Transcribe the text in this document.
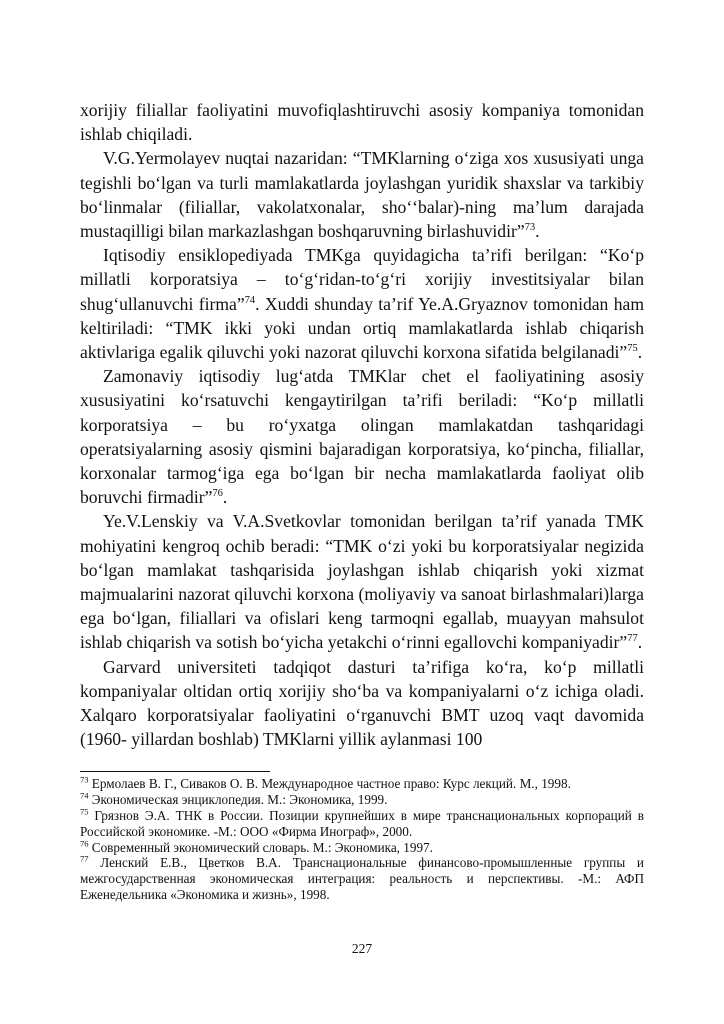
xorijiy filiallar faoliyatini muvofiqlashtiruvchi asosiy kompaniya tomonidan ishlab chiqiladi.

V.G.Yermolayev nuqtai nazaridan: “TMKlarning oʻziga xos xususiyati unga tegishli boʻlgan va turli mamlakatlarda joylashgan yuridik shaxslar va tarkibiy boʻlinmalar (filiallar, vakolatxonalar, shoʻʻbalar)-ning maʼlum darajada mustaqilligi bilan markazlashgan boshqaruvning birlashuvidir”$^{73}$.

Iqtisodiy ensiklopediyada TMKga quyidagicha taʼrifi berilgan: “Koʻp millatli korporatsiya – toʻgʻridan-toʻgʻri xorijiy investitsiyalar bilan shugʻullanuvchi firma”$^{74}$. Xuddi shunday taʼrif Ye.A.Gryaznov tomonidan ham keltiriladi: “TMK ikki yoki undan ortiq mamlakatlarda ishlab chiqarish aktivlariga egalik qiluvchi yoki nazorat qiluvchi korxona sifatida belgilanadi”$^{75}$.

Zamonaviy iqtisodiy lugʻatda TMKlar chet el faoliyatining asosiy xususiyatini koʻrsatuvchi kengaytirilgan taʼrifi beriladi: “Koʻp millatli korporatsiya – bu roʻyxatga olingan mamlakatdan tashqaridagi operatsiyalarning asosiy qismini bajaradigan korporatsiya, koʻpincha, filiallar, korxonalar tarmogʻiga ega boʻlgan bir necha mamlakatlarda faoliyat olib boruvchi firmadir”$^{76}$.

Ye.V.Lenskiy va V.A.Svetkovlar tomonidan berilgan taʼrif yanada TMK mohiyatini kengroq ochib beradi: “TMK oʻzi yoki bu korporatsiyalar negizida boʻlgan mamlakat tashqarisida joylashgan ishlab chiqarish yoki xizmat majmualarini nazorat qiluvchi korxona (moliyaviy va sanoat birlashmalari)larga ega boʻlgan, filiallari va ofislari keng tarmoqni egallab, muayyan mahsulot ishlab chiqarish va sotish boʻyicha yetakchi oʻrinni egallovchi kompaniyadir”$^{77}$.

Garvard universiteti tadqiqot dasturi taʼrifiga koʻra, koʻp millatli kompaniyalar oltidan ortiq xorijiy shoʻba va kompaniyalarni oʻz ichiga oladi. Xalqaro korporatsiyalar faoliyatini oʻrganuvchi BMT uzoq vaqt davomida (1960- yillardan boshlab) TMKlarni yillik aylanmasi 100

$^{73}$ Ермолаев В. Г., Сиваков О. В. Международное частное право: Курс лекций. М., 1998.

$^{74}$ Экономическая энциклопедия. М.: Экономика, 1999.

$^{75}$ Грязнов Э.А. ТНК в России. Позиции крупнейших в мире транснациональных корпораций в Российской экономике. -М.: ООО «Фирма Инограф», 2000.

$^{76}$ Современный экономический словарь. М.: Экономика, 1997.

$^{77}$ Ленский Е.В., Цветков В.А. Транснациональные финансово-промышленные группы и межгосударственная экономическая интеграция: реальность и перспективы. -М.: АФП Еженедельника «Экономика и жизнь», 1998.

227
